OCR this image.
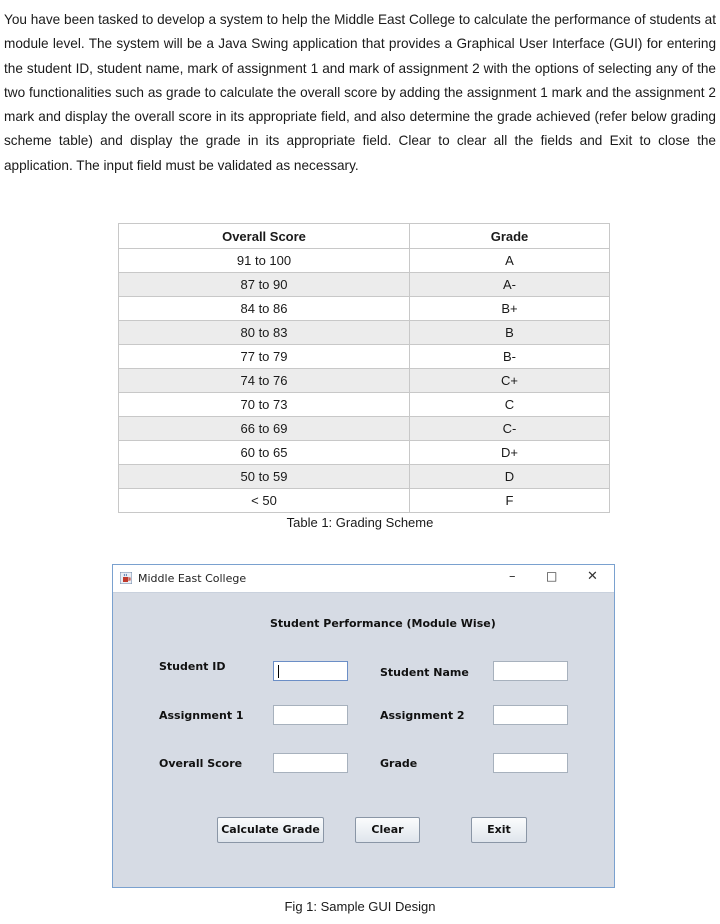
You have been tasked to develop a system to help the Middle East College to calculate the performance of students at module level. The system will be a Java Swing application that provides a Graphical User Interface (GUI) for entering the student ID, student name, mark of assignment 1 and mark of assignment 2 with the options of selecting any of the two functionalities such as grade to calculate the overall score by adding the assignment 1 mark and the assignment 2 mark and display the overall score in its appropriate field, and also determine the grade achieved (refer below grading scheme table) and display the grade in its appropriate field. Clear to clear all the fields and Exit to close the application. The input field must be validated as necessary.

Overall Score	Grade
91 to 100	A
87 to 90	A-
84 to 86	B+
80 to 83	B
77 to 79	B-
74 to 76	C+
70 to 73	C
66 to 69	C-
60 to 65	D+
50 to 59	D
< 50	F
Table 1: Grading Scheme
Middle East College	–	□ ✕
Student Performance (Module Wise)
Student ID	Student Name
Assignment 1	Assignment 2
Overall Score	Grade
Calculate Grade	Clear	Exit
Fig 1: Sample GUI Design
